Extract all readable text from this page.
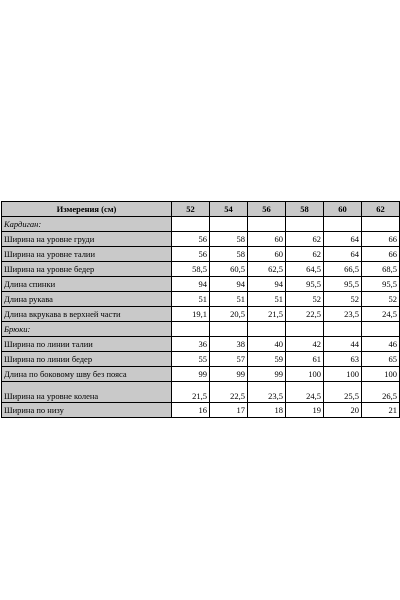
Измерения (см)	52	54	56	58	60	62
Кардиган:						
Ширина на уровне груди	56	58	60	62	64	66
Ширина на уровне талии	56	58	60	62	64	66
Ширина на уровне бедер	58,5	60,5	62,5	64,5	66,5	68,5
Длина спинки	94	94	94	95,5	95,5	95,5
Длина рукава	51	51	51	52	52	52
Длина вкрукава в верхней части	19,1	20,5	21,5	22,5	23,5	24,5
Брюки:						
Ширина по линии талии	36	38	40	42	44	46
Ширина по линии бедер	55	57	59	61	63	65
Длина по боковому шву без пояса	99	99	99	100	100	100
Ширина на уровне колена	21,5	22,5	23,5	24,5	25,5	26,5
Ширина по низу	16	17	18	19	20	21
